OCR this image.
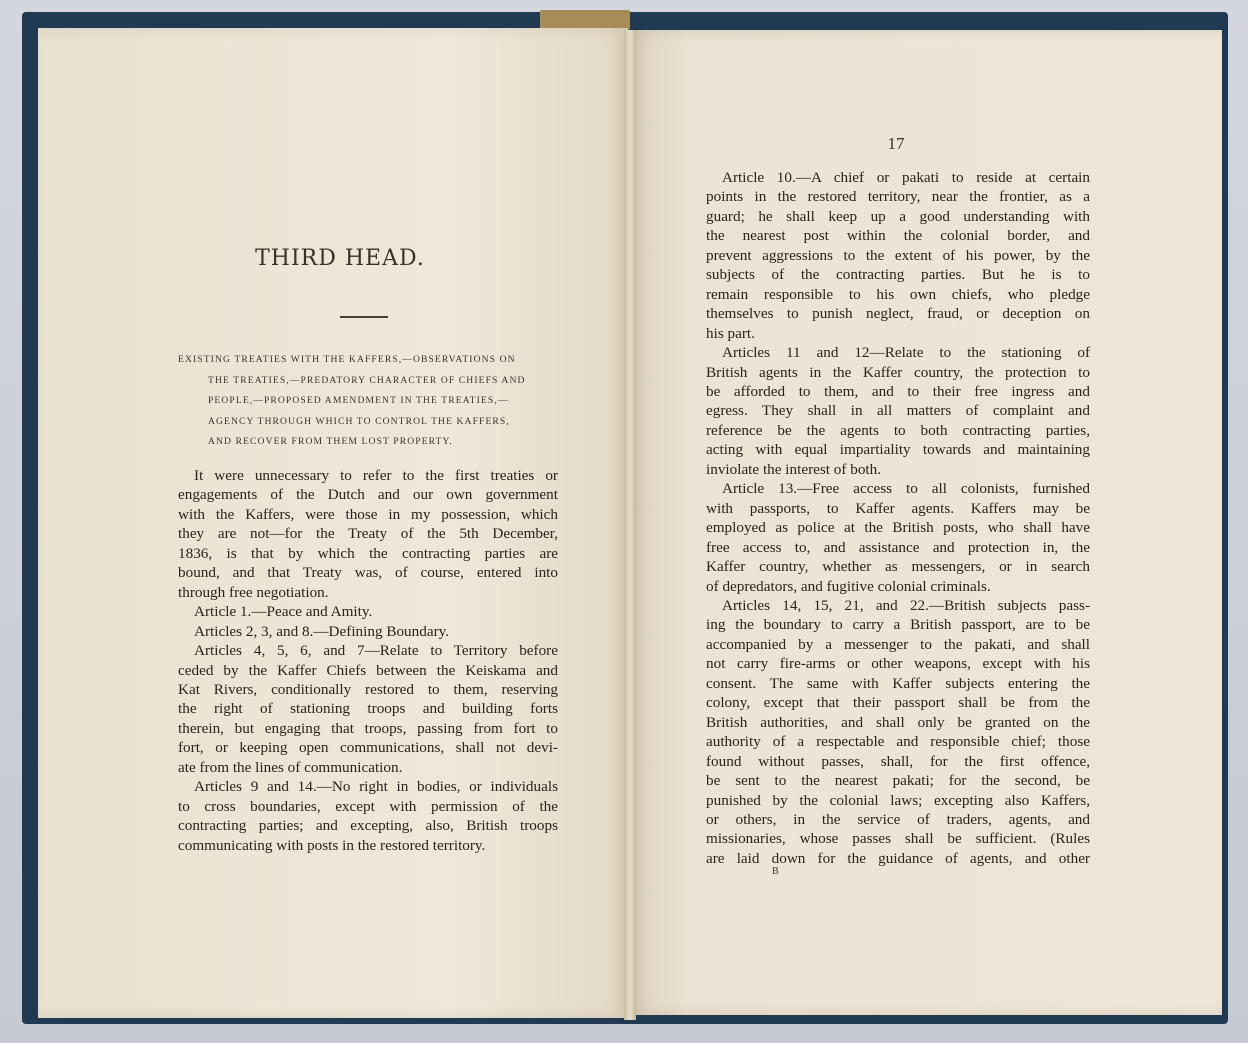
THIRD HEAD.
EXISTING TREATIES WITH THE KAFFERS,—OBSERVATIONS ON
THE TREATIES,—PREDATORY CHARACTER OF CHIEFS AND
PEOPLE,—PROPOSED AMENDMENT IN THE TREATIES,—
AGENCY THROUGH WHICH TO CONTROL THE KAFFERS,
AND RECOVER FROM THEM LOST PROPERTY.
It were unnecessary to refer to the first treaties or
engagements of the Dutch and our own government
with the Kaffers, were those in my possession, which
they are not—for the Treaty of the 5th December,
1836, is that by which the contracting parties are
bound, and that Treaty was, of course, entered into
through free negotiation.
Article 1.—Peace and Amity.
Articles 2, 3, and 8.—Defining Boundary.
Articles 4, 5, 6, and 7—Relate to Territory before
ceded by the Kaffer Chiefs between the Keiskama and
Kat Rivers, conditionally restored to them, reserving
the right of stationing troops and building forts
therein, but engaging that troops, passing from fort to
fort, or keeping open communications, shall not devi-
ate from the lines of communication.
Articles 9 and 14.—No right in bodies, or individuals
to cross boundaries, except with permission of the
contracting parties; and excepting, also, British troops
communicating with posts in the restored territory.
17
Article 10.—A chief or pakati to reside at certain
points in the restored territory, near the frontier, as a
guard; he shall keep up a good understanding with
the nearest post within the colonial border, and
prevent aggressions to the extent of his power, by the
subjects of the contracting parties. But he is to
remain responsible to his own chiefs, who pledge
themselves to punish neglect, fraud, or deception on
his part.
Articles 11 and 12—Relate to the stationing of
British agents in the Kaffer country, the protection to
be afforded to them, and to their free ingress and
egress. They shall in all matters of complaint and
reference be the agents to both contracting parties,
acting with equal impartiality towards and maintaining
inviolate the interest of both.
Article 13.—Free access to all colonists, furnished
with passports, to Kaffer agents. Kaffers may be
employed as police at the British posts, who shall have
free access to, and assistance and protection in, the
Kaffer country, whether as messengers, or in search
of depredators, and fugitive colonial criminals.
Articles 14, 15, 21, and 22.—British subjects pass-
ing the boundary to carry a British passport, are to be
accompanied by a messenger to the pakati, and shall
not carry fire-arms or other weapons, except with his
consent. The same with Kaffer subjects entering the
colony, except that their passport shall be from the
British authorities, and shall only be granted on the
authority of a respectable and responsible chief; those
found without passes, shall, for the first offence,
be sent to the nearest pakati; for the second, be
punished by the colonial laws; excepting also Kaffers,
or others, in the service of traders, agents, and
missionaries, whose passes shall be sufficient. (Rules
are laid down for the guidance of agents, and other
B
